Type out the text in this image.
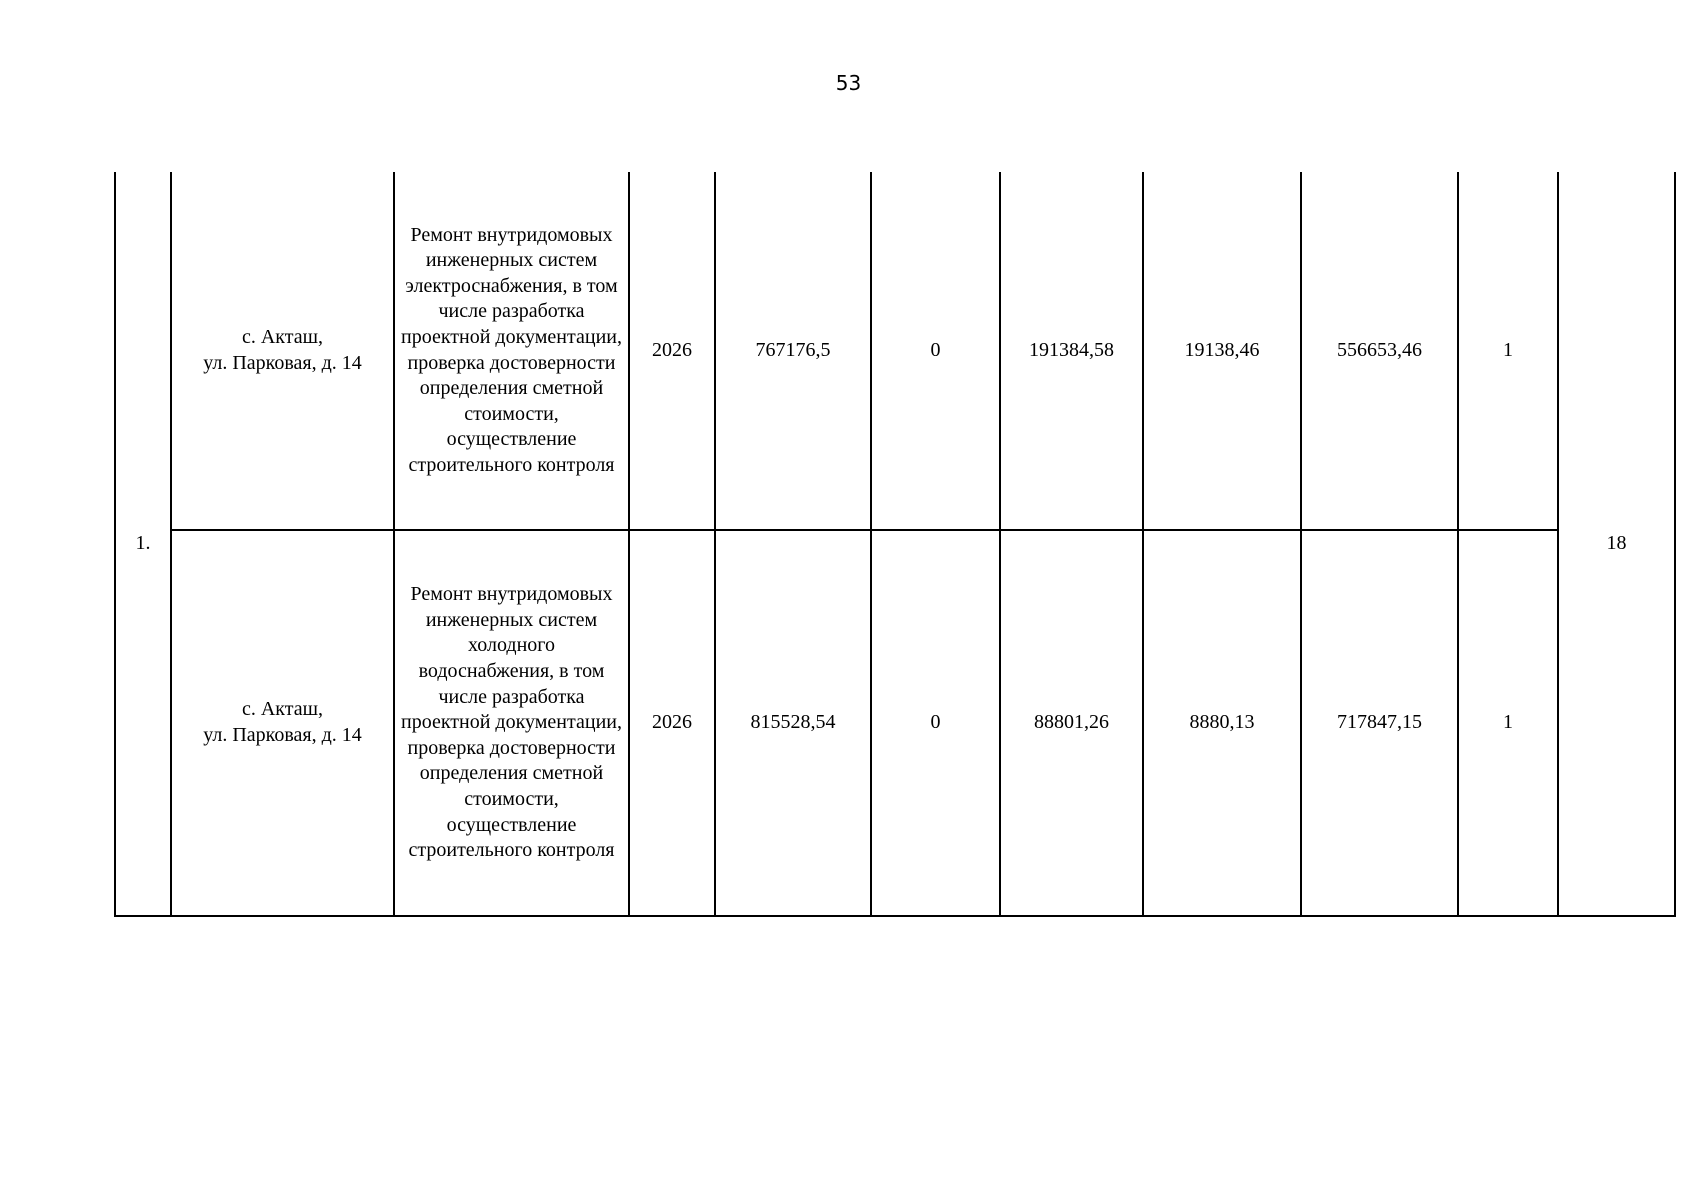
53
1.	с. Акташ,
ул. Парковая, д. 14	Ремонт внутридомовых инженерных систем электроснабжения, в том числе разработка проектной документации, проверка достоверности определения сметной стоимости, осуществление строительного контроля	2026	767176,5	0	191384,58	19138,46	556653,46	1	18
	с. Акташ,
ул. Парковая, д. 14	Ремонт внутридомовых инженерных систем холодного водоснабжения, в том числе разработка проектной документации, проверка достоверности определения сметной стоимости, осуществление строительного контроля	2026	815528,54	0	88801,26	8880,13	717847,15	1	
